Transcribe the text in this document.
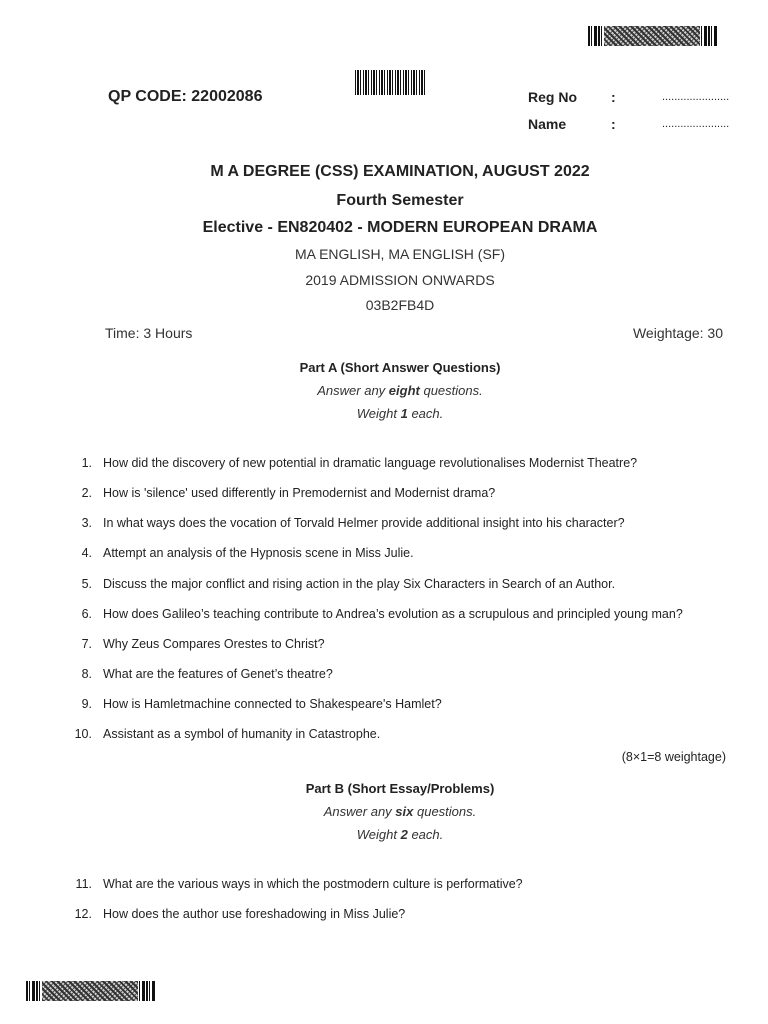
QP CODE: 22002086	Reg No :	......................
Name	:	......................
M A DEGREE (CSS) EXAMINATION, AUGUST 2022
Fourth Semester
Elective - EN820402 - MODERN EUROPEAN DRAMA
MA ENGLISH, MA ENGLISH (SF)
2019 ADMISSION ONWARDS
03B2FB4D
Time: 3 Hours	Weightage: 30
Part A (Short Answer Questions)
Answer any eight questions.
Weight 1 each.
1. How did the discovery of new potential in dramatic language revolutionalises Modernist Theatre?
2. How is 'silence' used differently in Premodernist and Modernist drama?
3. In what ways does the vocation of Torvald Helmer provide additional insight into his character?
4. Attempt an analysis of the Hypnosis scene in Miss Julie.
5. Discuss the major conflict and rising action in the play Six Characters in Search of an Author.
6. How does Galileo’s teaching contribute to Andrea’s evolution as a scrupulous and principled young man?
7. Why Zeus Compares Orestes to Christ?
8. What are the features of Genet’s theatre?
9. How is Hamletmachine connected to Shakespeare's Hamlet?
10. Assistant as a symbol of humanity in Catastrophe.
(8×1=8 weightage)
Part B (Short Essay/Problems)
Answer any six questions.
Weight 2 each.
11. What are the various ways in which the postmodern culture is performative?
12. How does the author use foreshadowing in Miss Julie?
